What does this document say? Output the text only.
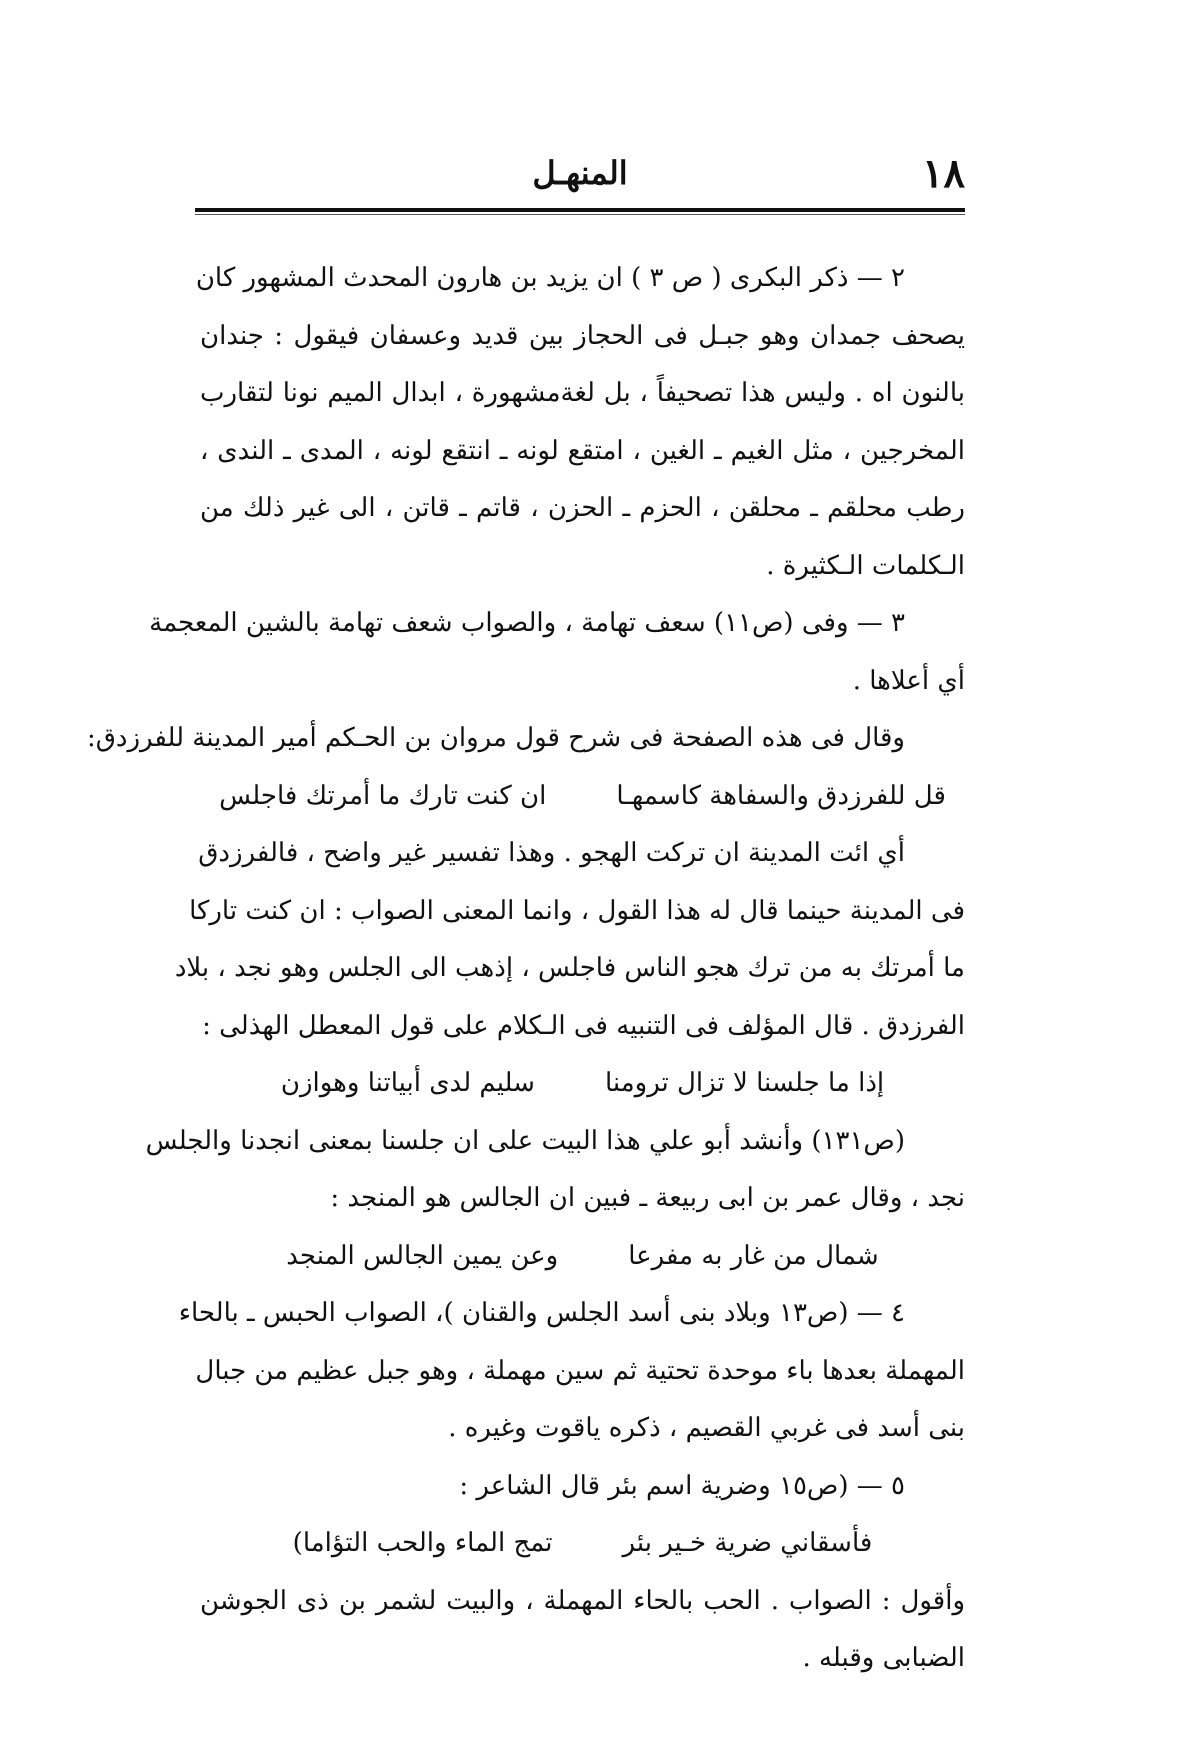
١٨
المنهـل
٢ — ذكر البكرى ( ص ٣ ) ان يزيد بن هارون المحدث المشهور كان
يصحف جمدان وهو جبـل فى الحجاز بين قديد وعسفان فيقول : جندان
بالنون اه . وليس هذا تصحيفاً ، بل لغةمشهورة ، ابدال الميم نونا لتقارب
المخرجين ، مثل الغيم ـ الغين ، امتقع لونه ـ انتقع لونه ، المدى ـ الندى ،
رطب محلقم ـ محلقن ، الحزم ـ الحزن ، قاتم ـ قاتن ، الى غير ذلك من
الـكلمات الـكثيرة .
٣ — وفى (ص١١) سعف تهامة ، والصواب شعف تهامة بالشين المعجمة
أي أعلاها .
وقال فى هذه الصفحة فى شرح قول مروان بن الحـكم أمير المدينة للفرزدق:
قل للفرزدق والسفاهة كاسمهـا
ان كنت تارك ما أمرتك فاجلس
أي ائت المدينة ان تركت الهجو . وهذا تفسير غير واضح ، فالفرزدق
فى المدينة حينما قال له هذا القول ، وانما المعنى الصواب : ان كنت تاركا
ما أمرتك به من ترك هجو الناس فاجلس ، إذهب الى الجلس وهو نجد ، بلاد
الفرزدق . قال المؤلف فى التنبيه فى الـكلام على قول المعطل الهذلى :
إذا ما جلسنا لا تزال ترومنا
سليم لدى أبياتنا وهوازن
(ص١٣١) وأنشد أبو علي هذا البيت على ان جلسنا بمعنى انجدنا والجلس
نجد ، وقال عمر بن ابى ربيعة ـ فبين ان الجالس هو المنجد :
شمال من غار به مفرعا
وعن يمين الجالس المنجد
٤ — (ص١٣ وبلاد بنى أسد الجلس والقنان )، الصواب الحبس ـ بالحاء
المهملة بعدها باء موحدة تحتية ثم سين مهملة ، وهو جبل عظيم من جبال
بنى أسد فى غربي القصيم ، ذكره ياقوت وغيره .
٥ — (ص١٥ وضرية اسم بئر قال الشاعر :
فأسقاني ضرية خـير بئر
تمج الماء والحب التؤاما)
وأقول : الصواب . الحب بالحاء المهملة ، والبيت لشمر بن ذى الجوشن
الضبابى وقبله .
